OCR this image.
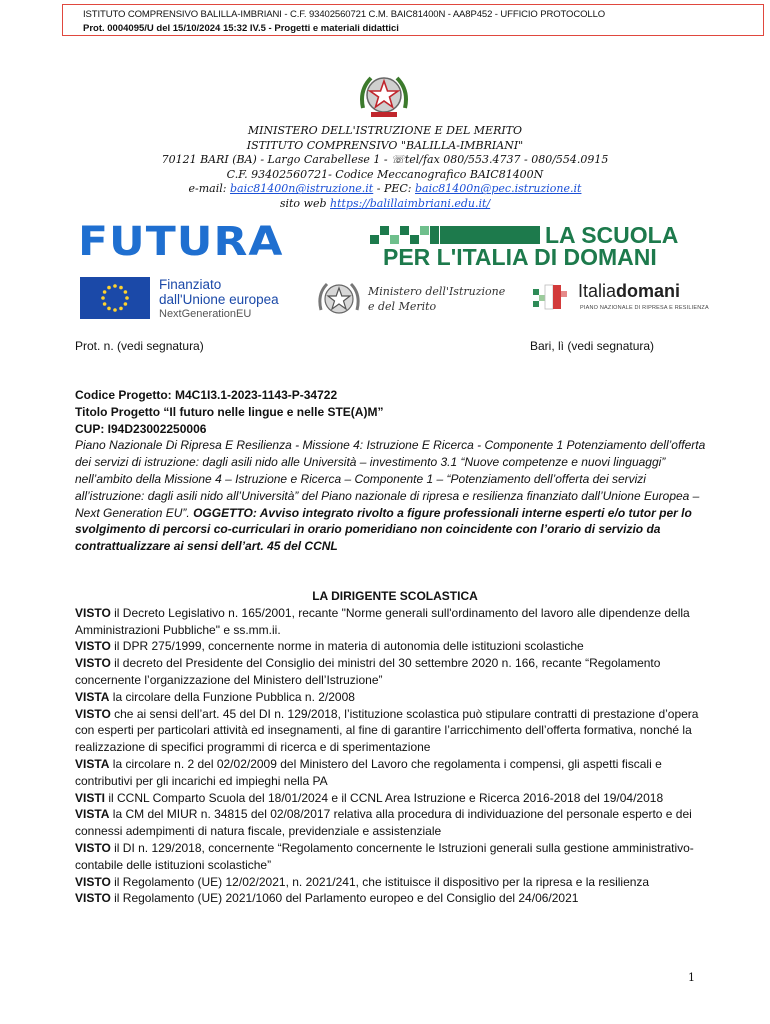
ISTITUTO COMPRENSIVO BALILLA-IMBRIANI - C.F. 93402560721 C.M. BAIC81400N - AA8P452 - UFFICIO PROTOCOLLO
Prot. 0004095/U del 15/10/2024 15:32 IV.5 - Progetti e materiali didattici
MINISTERO DELL'ISTRUZIONE E DEL MERITO
ISTITUTO COMPRENSIVO "BALILLA-IMBRIANI"
70121 BARI (BA) - Largo Carabellese 1 - ☏tel/fax 080/553.4737 - 080/554.0915
C.F. 93402560721- Codice Meccanografico BAIC81400N
e-mail: baic81400n@istruzione.it - PEC: baic81400n@pec.istruzione.it
sito web https://balillaimbriani.edu.it/
FUTURA	LA SCUOLA
PER L'ITALIA DI DOMANI
Finanziato
dall'Unione europea
NextGenerationEU
Ministero dell'Istruzione
e del Merito
Italiadomani
PIANO NAZIONALE DI RIPRESA E RESILIENZA
Prot. n. (vedi segnatura)	Bari, lì (vedi segnatura)

Codice Progetto: M4C1I3.1-2023-1143-P-34722

Titolo Progetto “Il futuro nelle lingue e nelle STE(A)M”

CUP: I94D23002250006

Piano Nazionale Di Ripresa E Resilienza - Missione 4: Istruzione E Ricerca - Componente 1 Potenziamento dell’offerta dei servizi di istruzione: dagli asili nido alle Università – investimento 3.1 “Nuove competenze e nuovi linguaggi” nell’ambito della Missione 4 – Istruzione e Ricerca – Componente 1 – “Potenziamento dell’offerta dei servizi all’istruzione: dagli asili nido all’Università” del Piano nazionale di ripresa e resilienza finanziato dall’Unione Europea – Next Generation EU”. OGGETTO: Avviso integrato rivolto a figure professionali interne esperti e/o tutor per lo svolgimento di percorsi co-curriculari in orario pomeridiano non coincidente con l’orario di servizio da contrattualizzare ai sensi dell’art. 45 del CCNL

LA DIRIGENTE SCOLASTICA

VISTO il Decreto Legislativo n. 165/2001, recante "Norme generali sull'ordinamento del lavoro alle dipendenze della Amministrazioni Pubbliche" e ss.mm.ii.

VISTO il DPR 275/1999, concernente norme in materia di autonomia delle istituzioni scolastiche

VISTO il decreto del Presidente del Consiglio dei ministri del 30 settembre 2020 n. 166, recante “Regolamento concernente l’organizzazione del Ministero dell’Istruzione”

VISTA la circolare della Funzione Pubblica n. 2/2008

VISTO che ai sensi dell’art. 45 del DI n. 129/2018, l’istituzione scolastica può stipulare contratti di prestazione d’opera con esperti per particolari attività ed insegnamenti, al fine di garantire l’arricchimento dell’offerta formativa, nonché la realizzazione di specifici programmi di ricerca e di sperimentazione

VISTA la circolare n. 2 del 02/02/2009 del Ministero del Lavoro che regolamenta i compensi, gli aspetti fiscali e contributivi per gli incarichi ed impieghi nella PA

VISTI il CCNL Comparto Scuola del 18/01/2024 e il CCNL Area Istruzione e Ricerca 2016-2018 del 19/04/2018

VISTA la CM del MIUR n. 34815 del 02/08/2017 relativa alla procedura di individuazione del personale esperto e dei connessi adempimenti di natura fiscale, previdenziale e assistenziale

VISTO il DI n. 129/2018, concernente “Regolamento concernente le Istruzioni generali sulla gestione amministrativo-contabile delle istituzioni scolastiche”

VISTO il Regolamento (UE) 12/02/2021, n. 2021/241, che istituisce il dispositivo per la ripresa e la resilienza

VISTO il Regolamento (UE) 2021/1060 del Parlamento europeo e del Consiglio del 24/06/2021

1
